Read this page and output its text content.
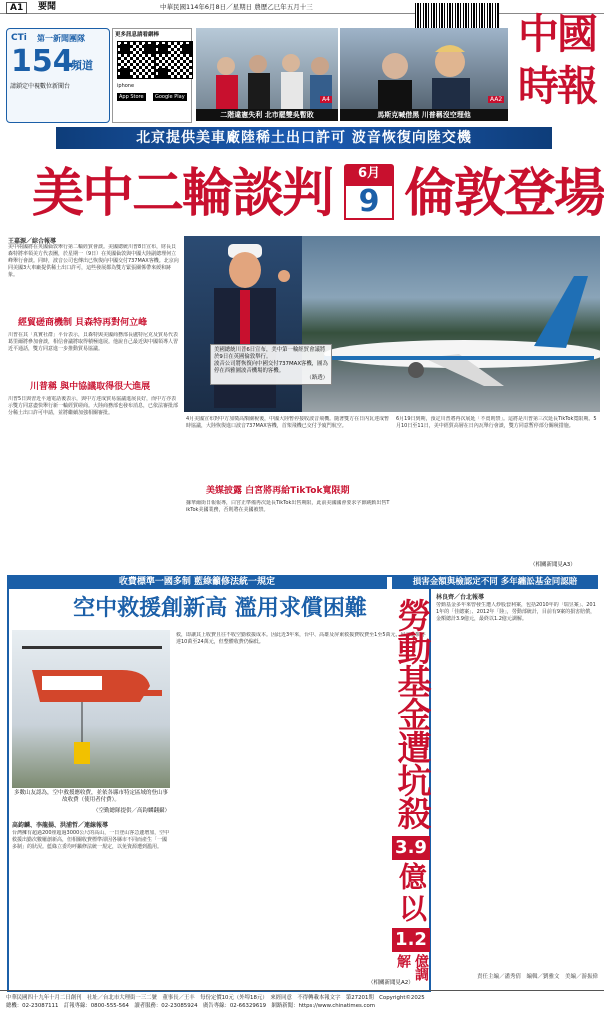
A1	要聞	中華民國114年6月8日／星期日 農歷乙巳年五月十三
中國時報
CTi 第一新聞團隊
154
頻道
請鎖定中視數位新聞台
更多訊息請看網棒
iphone
App Store	Google Play
二階違憲失利 北市罷雙吳暫敗
A4
馬斯克喊借黑 川普稱沒空理他
AA2
北京提供美車廠陸稀土出口許可 波音恢復向陸交機
美中二輪談判	6月
9 倫敦登場
王嘉源／綜合報導
美中兩國將在英國倫敦舉行第二輪經貿會談。美國總統川普8日宣布，財長貝森特將率領美方代表團，於星期一（9日）在英國倫敦與中國大陸副總理何立峰舉行會談。同時，波音公司也傳出已恢復向中國交付737MAX客機。北京向同美國3大車廠提供稀土出口許可，這些發展都為雙方緊張關係帶來緩和跡象。
經貿磋商機制 貝森特再對何立峰
川普在其「真實社群」平台表示，貝森特與美國商務部長盧特尼克及貿易代表葛里爾將參加會談，相信會議將取得積極進展。他說自己最近與中國領導人習近平通話，雙方同意進一步推動貿易協議。
川普稱 與中協議取得很大進展
川普5日與習近平通電話後表示，與中方達成貿易協議進展良好，而中方亦表示雙方同意盡快舉行新一輪經貿磋商。大陸商務部也發布消息，已依法審批部分稀土出口許可申請，並將繼續加強相關審批。
美國總統川普6日宣布，美中第一輪經貿會議將於9日在英國倫敦舉行。
波音公司將恢復向中國交付737MAX客機，圖為停在西雅圖波音機場的客機。
（路透）
4月美國宣布對中方加徵高額關稅後，中國大陸暫停接收波音飛機。隨著雙方在日內瓦達成暫時協議，大陸恢復進口波音737MAX客機，首架飛機已交付予廈門航空。
美媒披露 白宮將再給TikTok寬限期
據華爾街日報報導，白宮正準備再次延長TikTok出售期限，此前美國國會要求字節跳動出售TikTok美國業務，否則將在美國被禁。
6月19日到期，預定川普將再次展延「不賣則禁」。這將是川普第三次延長TikTok寬限期。5月10日至11日，美中經貿高層在日內瓦舉行會談，雙方同意暫停部分關稅措施。
（相關新聞見A3）
收費標準一國多制 藍綠籲修法統一規定
空中救援創新高 濫用求償困難
多數山友認為，空中救援應收費，並依各縣市特定區域的登山事故收費（使用者付費）。
（空勤總隊提供／高鈞麟翻攝）
高鈞麟、李龍揚、洪浦哲／連線報導
台灣擁有超過200座超過3000公尺的高山，一日登山客急遽增加，空中救援出勤次數屢創新高，但相關收費標準卻因各縣市不同而產生「一國多制」的狀況。藍綠立委均呼籲修法統一規定，以免資源遭到濫用。
救，即讓其上收費且往不收空勤救援成本。因此近3年來，台中、高雄及屏東救援費收費至1至5萬元，最高金額亦達10萬至24萬元，但整體收費仍偏低。
（相關新聞見A2）
損害金額與檢認定不同 多年纏訟基金同認賠
林良齊／台北報導
勞動基金遭坑殺
3.9
億
以
1.2
億調解
勞動基金多年來曾發生遭人炒股套利案，包括2010年的「瑞昱案」、2011年的「佳總案」、2012年「陸」，勞動部統計，目前有9案的損害賠償，金額總計3.9億元，最終以1.2億元調解。
責任主編／潘秀倩　編輯／劉雅文　美編／游振偉
中華民國四十九年十月二日創刊　社址／台北市大理街一三二號　董事長／王丰　每份定價10元（外埠18元）　來經同意　不得轉載本報文字　第27201期　Copyright©2025
總機：02-23087111　訂報專線：0800-555-564　讀者服務：02-23085924　廣告專線：02-66329619　網路新聞：https://www.chinatimes.com
